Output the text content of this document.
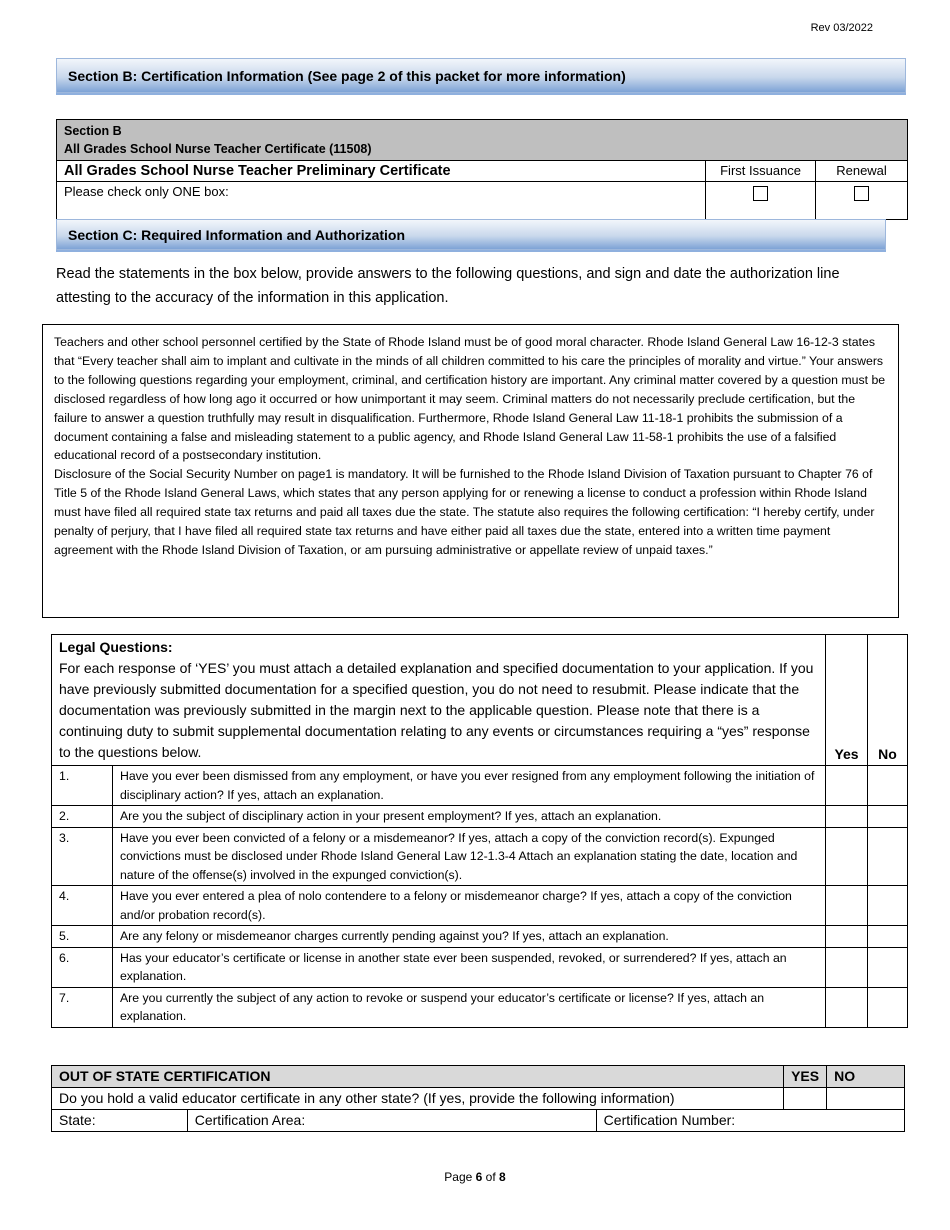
Rev 03/2022
Section B: Certification Information (See page 2 of this packet for more information)
Section B
All Grades School Nurse Teacher Certificate (11508)		

All Grades School Nurse Teacher Preliminary Certificate	First Issuance	Renewal
Please check only ONE box:		
Section C: Required Information and Authorization
Read the statements in the box below, provide answers to the following questions, and sign and date the authorization line attesting to the accuracy of the information in this application.

Teachers and other school personnel certified by the State of Rhode Island must be of good moral character. Rhode Island General Law 16-12-3 states that “Every teacher shall aim to implant and cultivate in the minds of all children committed to his care the principles of morality and virtue.” Your answers to the following questions regarding your employment, criminal, and certification history are important. Any criminal matter covered by a question must be disclosed regardless of how long ago it occurred or how unimportant it may seem. Criminal matters do not necessarily preclude certification, but the failure to answer a question truthfully may result in disqualification. Furthermore, Rhode Island General Law 11-18-1 prohibits the submission of a document containing a false and misleading statement to a public agency, and Rhode Island General Law 11-58-1 prohibits the use of a falsified educational record of a postsecondary institution.

Disclosure of the Social Security Number on page1 is mandatory. It will be furnished to the Rhode Island Division of Taxation pursuant to Chapter 76 of Title 5 of the Rhode Island General Laws, which states that any person applying for or renewing a license to conduct a profession within Rhode Island must have filed all required state tax returns and paid all taxes due the state. The statute also requires the following certification: “I hereby certify, under penalty of perjury, that I have filed all required state tax returns and have either paid all taxes due the state, entered into a written time payment agreement with the Rhode Island Division of Taxation, or am pursuing administrative or appellate review of unpaid taxes.”

Legal Questions:
For each response of ‘YES’ you must attach a detailed explanation and specified documentation to your application. If you have previously submitted documentation for a specified question, you do not need to resubmit. Please indicate that the documentation was previously submitted in the margin next to the applicable question. Please note that there is a continuing duty to submit supplemental documentation relating to any events or circumstances requiring a “yes” response to the questions below.		Yes	No
1.	Have you ever been dismissed from any employment, or have you ever resigned from any employment following the initiation of disciplinary action? If yes, attach an explanation.		
2.	Are you the subject of disciplinary action in your present employment? If yes, attach an explanation.		
3.	Have you ever been convicted of a felony or a misdemeanor? If yes, attach a copy of the conviction record(s). Expunged convictions must be disclosed under Rhode Island General Law 12-1.3-4 Attach an explanation stating the date, location and nature of the offense(s) involved in the expunged conviction(s).		
4.	Have you ever entered a plea of nolo contendere to a felony or misdemeanor charge? If yes, attach a copy of the conviction and/or probation record(s).		
5.	Are any felony or misdemeanor charges currently pending against you? If yes, attach an explanation.		
6.	Has your educator’s certificate or license in another state ever been suspended, revoked, or surrendered? If yes, attach an explanation.		
7.	Are you currently the subject of any action to revoke or suspend your educator’s certificate or license? If yes, attach an explanation.		
OUT OF STATE CERTIFICATION			YES	NO
Do you hold a valid educator certificate in any other state? (If yes, provide the following information)				
State:	Certification Area:	Certification Number:		
Page 6 of 8
